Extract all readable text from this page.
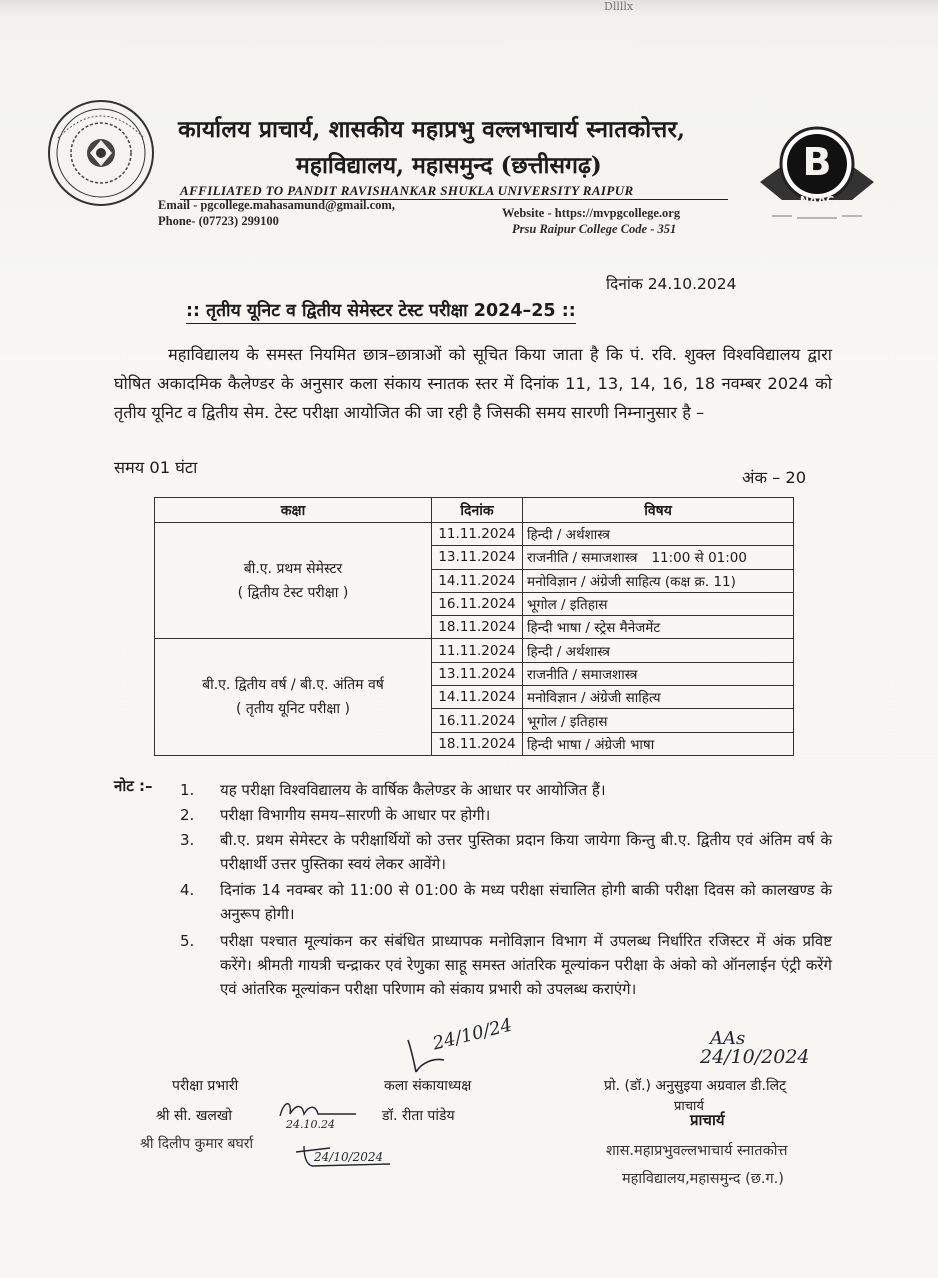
Dllllx
B
NAAC
कार्यालय प्राचार्य, शासकीय महाप्रभु वल्लभाचार्य स्नातकोत्तर,
महाविद्यालय, महासमुन्द (छत्तीसगढ़)
AFFILIATED TO PANDIT RAVISHANKAR SHUKLA UNIVERSITY RAIPUR
Email - pgcollege.mahasamund@gmail.com,
Website - https://mvpgcollege.org
Phone- (07723) 299100
Prsu Raipur College Code - 351
दिनांक 24.10.2024
:: तृतीय यूनिट व द्वितीय सेमेस्टर टेस्ट परीक्षा 2024–25 ::
महाविद्यालय के समस्त नियमित छात्र–छात्राओं को सूचित किया जाता है कि पं. रवि. शुक्ल विश्वविद्यालय द्वारा घोषित अकादमिक कैलेण्डर के अनुसार कला संकाय स्नातक स्तर में दिनांक 11, 13, 14, 16, 18 नवम्बर 2024 को तृतीय यूनिट व द्वितीय सेम. टेस्ट परीक्षा आयोजित की जा रही है जिसकी समय सारणी निम्नानुसार है –
समय 01 घंटा
अंक – 20
कक्षा	दिनांक	विषय

बी.ए. प्रथम सेमेस्टर
( द्वितीय टेस्ट परीक्षा )	11.11.2024	हिन्दी / अर्थशास्त्र
	13.11.2024	राजनीति / समाजशास्त्र 11:00 से 01:00
	14.11.2024	मनोविज्ञान / अंग्रेजी साहित्य (कक्ष क्र. 11)
	16.11.2024	भूगोल / इतिहास
	18.11.2024	हिन्दी भाषा / स्ट्रेस मैनेजमेंट

बी.ए. द्वितीय वर्ष / बी.ए. अंतिम वर्ष
( तृतीय यूनिट परीक्षा )	11.11.2024	हिन्दी / अर्थशास्त्र
	13.11.2024	राजनीति / समाजशास्त्र
	14.11.2024	मनोविज्ञान / अंग्रेजी साहित्य
	16.11.2024	भूगोल / इतिहास
	18.11.2024	हिन्दी भाषा / अंग्रेजी भाषा
नोट :– 1. यह परीक्षा विश्वविद्यालय के वार्षिक कैलेण्डर के आधार पर आयोजित हैं।
2. परीक्षा विभागीय समय–सारणी के आधार पर होगी।
3. बी.ए. प्रथम सेमेस्टर के परीक्षार्थियों को उत्तर पुस्तिका प्रदान किया जायेगा किन्तु बी.ए. द्वितीय एवं अंतिम वर्ष के परीक्षार्थी उत्तर पुस्तिका स्वयं लेकर आवेंगे।
4. दिनांक 14 नवम्बर को 11:00 से 01:00 के मध्य परीक्षा संचालित होगी बाकी परीक्षा दिवस को कालखण्ड के अनुरूप होगी।
5. परीक्षा पश्चात मूल्यांकन कर संबंधित प्राध्यापक मनोविज्ञान विभाग में उपलब्ध निर्धारित रजिस्टर में अंक प्रविष्ट करेंगे। श्रीमती गायत्री चन्द्राकर एवं रेणुका साहू समस्त आंतरिक मूल्यांकन परीक्षा के अंको को ऑनलाईन एंट्री करेंगे एवं आंतरिक मूल्यांकन परीक्षा परिणाम को संकाय प्रभारी को उपलब्ध कराएंगे।
24/10/24	AAs
24/10/2024
परीक्षा प्रभारी	कला संकायाध्यक्ष	प्रो. (डॉ.) अनुसुइया अग्रवाल डी.लिट्
श्री सी. खलखो
24.10.24
डॉ. रीता पांडेय
प्राचार्य
प्राचार्य
श्री दिलीप कुमार बघर्रा
24/10/2024	शास.महाप्रभुवल्लभाचार्य स्नातकोत्त
महाविद्यालय,महासमुन्द (छ.ग.)
